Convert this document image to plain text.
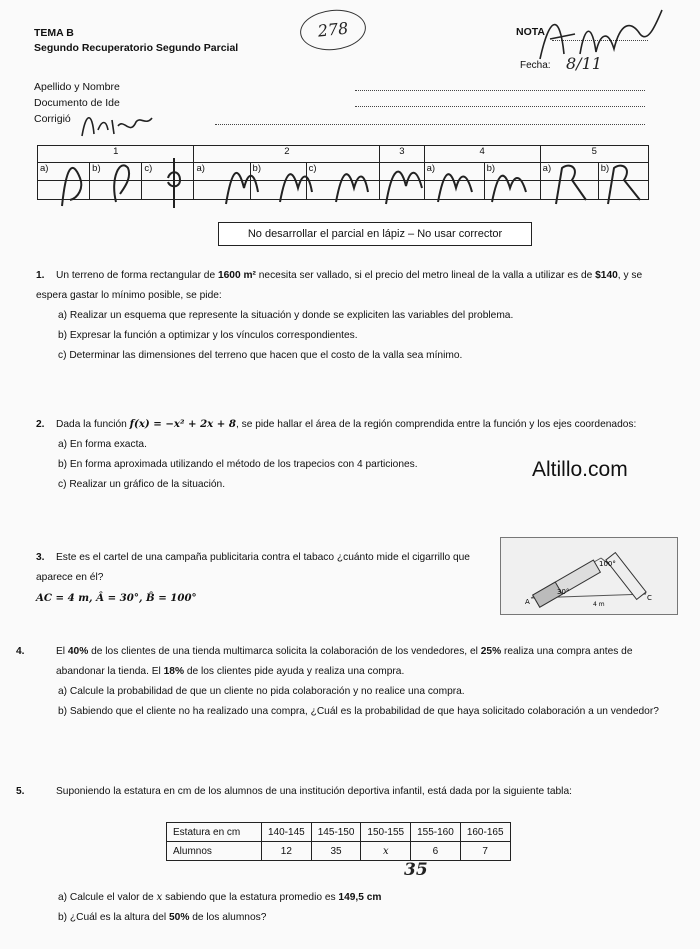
TEMA B
Segundo Recuperatorio Segundo Parcial
278	NOTA
Fecha: 8/11
Apellido y Nombre
Documento de Ide
Corrigió
1			2			3	4		5	
a)	b)	c)	a)	b)	c)		a)	b)	a)	b)

No desarrollar el parcial en lápiz – No usar corrector
1. Un terreno de forma rectangular de 1600 m² necesita ser vallado, si el precio del metro lineal de la valla a utilizar es de $140, y se espera gastar lo mínimo posible, se pide:
a) Realizar un esquema que represente la situación y donde se expliciten las variables del problema.
b) Expresar la función a optimizar y los vínculos correspondientes.
c) Determinar las dimensiones del terreno que hacen que el costo de la valla sea mínimo.
2. Dada la función f(x) = −x² + 2x + 8, se pide hallar el área de la región comprendida entre la función y los ejes coordenados:
a) En forma exacta.
b) En forma aproximada utilizando el método de los trapecios con 4 particiones.
c) Realizar un gráfico de la situación.
Altillo.com
3. Este es el cartel de una campaña publicitaria contra el tabaco ¿cuánto mide el cigarrillo que aparece en él?
AC = 4 m, Â = 30°, B̂ = 100°
100°
30°
4 m
A	C
4.	El 40% de los clientes de una tienda multimarca solicita la colaboración de los vendedores, el 25% realiza una compra antes de abandonar la tienda. El 18% de los clientes pide ayuda y realiza una compra.
a) Calcule la probabilidad de que un cliente no pida colaboración y no realice una compra.
b) Sabiendo que el cliente no ha realizado una compra, ¿Cuál es la probabilidad de que haya solicitado colaboración a un vendedor?
5.	Suponiendo la estatura en cm de los alumnos de una institución deportiva infantil, está dada por la siguiente tabla:
Estatura en cm	140-145	145-150	150-155	155-160	160-165
Alumnos	12	35	x	6	7
35
a) Calcule el valor de x sabiendo que la estatura promedio es 149,5 cm
b) ¿Cuál es la altura del 50% de los alumnos?
